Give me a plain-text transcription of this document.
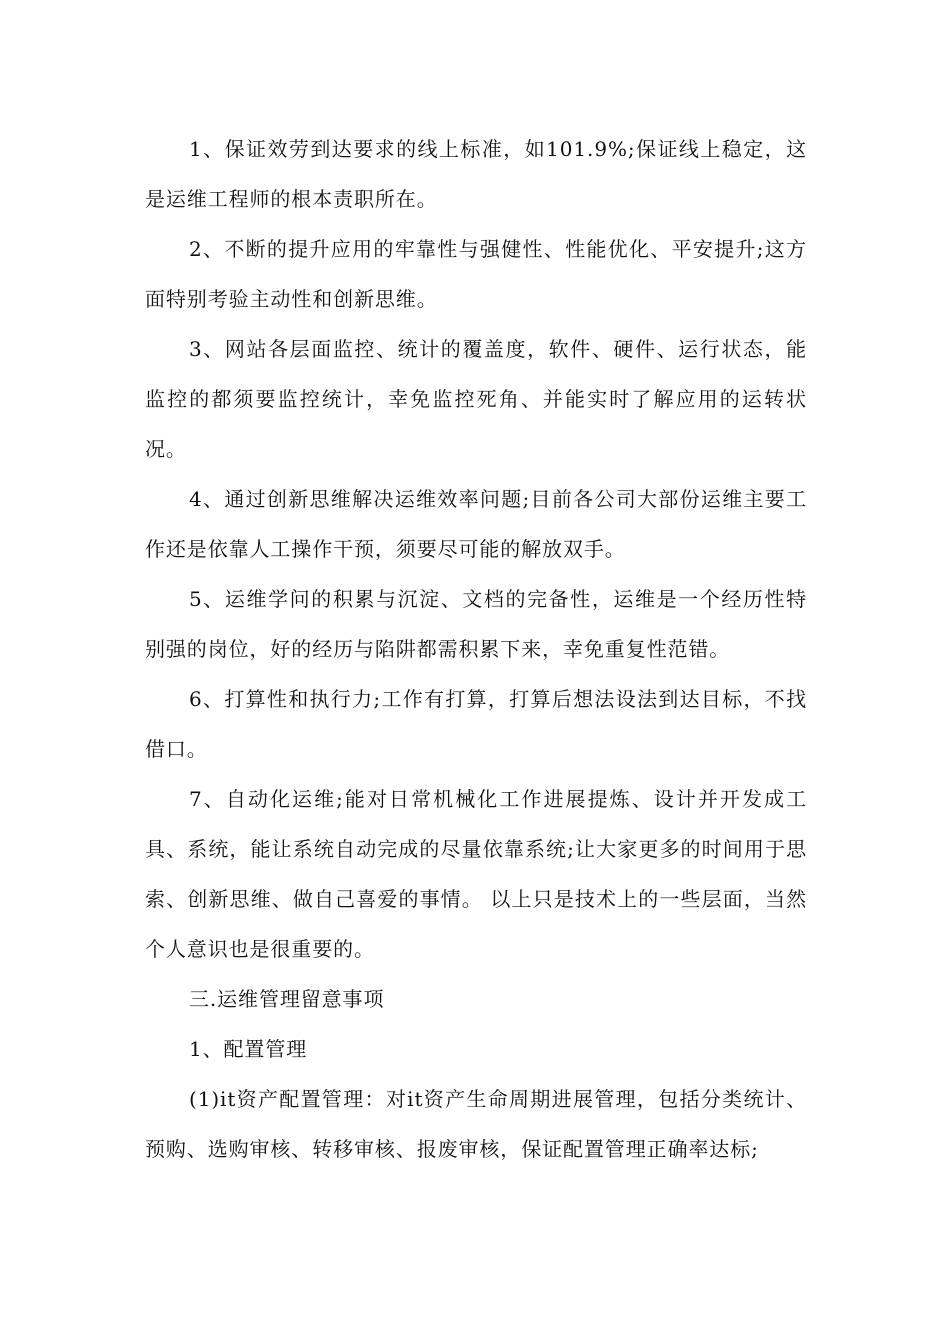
1、保证效劳到达要求的线上标准，如101.9%;保证线上稳定，这是运维工程师的根本责职所在。

2、不断的提升应用的牢靠性与强健性、性能优化、平安提升;这方面特别考验主动性和创新思维。

3、网站各层面监控、统计的覆盖度，软件、硬件、运行状态，能监控的都须要监控统计，幸免监控死角、并能实时了解应用的运转状况。

4、通过创新思维解决运维效率问题;目前各公司大部份运维主要工作还是依靠人工操作干预，须要尽可能的解放双手。

5、运维学问的积累与沉淀、文档的完备性，运维是一个经历性特别强的岗位，好的经历与陷阱都需积累下来，幸免重复性范错。

6、打算性和执行力;工作有打算，打算后想法设法到达目标，不找借口。

7、自动化运维;能对日常机械化工作进展提炼、设计并开发成工具、系统，能让系统自动完成的尽量依靠系统;让大家更多的时间用于思索、创新思维、做自己喜爱的事情。 以上只是技术上的一些层面，当然个人意识也是很重要的。

三.运维管理留意事项

1、配置管理

(1)it资产配置管理：对it资产生命周期进展管理，包括分类统计、预购、选购审核、转移审核、报废审核，保证配置管理正确率达标;
